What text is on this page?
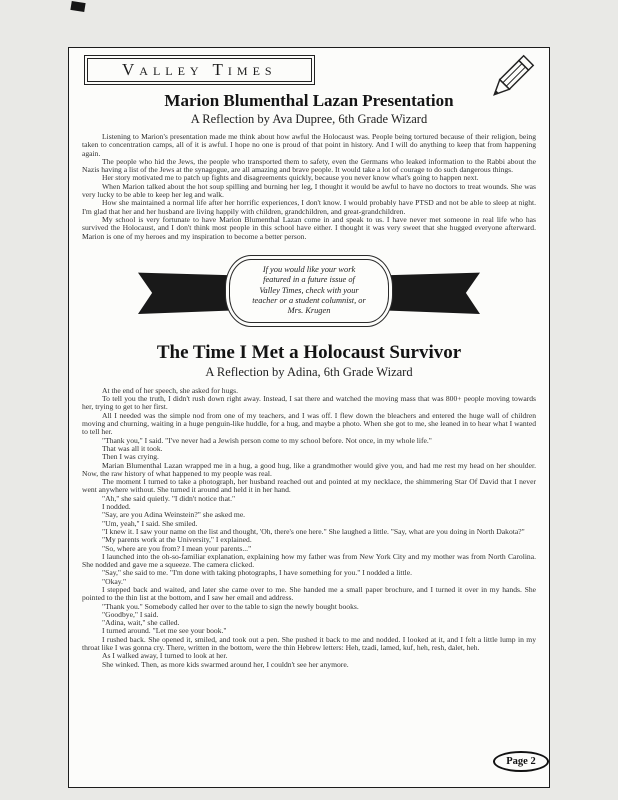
Valley Times
Marion Blumenthal Lazan Presentation
A Reflection by Ava Dupree, 6th Grade Wizard

Listening to Marion's presentation made me think about how awful the Holocaust was. People being tortured because of their religion, being taken to concentration camps, all of it is awful. I hope no one is proud of that point in history. And I will do anything to keep that from happening again.

The people who hid the Jews, the people who transported them to safety, even the Germans who leaked information to the Rabbi about the Nazis having a list of the Jews at the synagogue, are all amazing and brave people. It would take a lot of courage to do such dangerous things.

Her story motivated me to patch up fights and disagreements quickly, because you never know what's going to happen next.

When Marion talked about the hot soup spilling and burning her leg, I thought it would be awful to have no doctors to treat wounds. She was very lucky to be able to keep her leg and walk.

How she maintained a normal life after her horrific experiences, I don't know. I would probably have PTSD and not be able to sleep at night. I'm glad that her and her husband are living happily with children, grandchildren, and great-grandchildren.

My school is very fortunate to have Marion Blumenthal Lazan come in and speak to us. I have never met someone in real life who has survived the Holocaust, and I don't think most people in this school have either. I thought it was very sweet that she hugged everyone afterward. Marion is one of my heroes and my inspiration to become a better person.

If you would like your work
featured in a future issue of
Valley Times, check with your
teacher or a student columnist, or
Mrs. Krugen
The Time I Met a Holocaust Survivor
A Reflection by Adina, 6th Grade Wizard

At the end of her speech, she asked for hugs.

To tell you the truth, I didn't rush down right away. Instead, I sat there and watched the moving mass that was 800+ people moving towards her, trying to get to her first.

All I needed was the simple nod from one of my teachers, and I was off. I flew down the bleachers and entered the huge wall of children moving and churning, waiting in a huge penguin-like huddle, for a hug, and maybe a photo. When she got to me, she leaned in to hear what I wanted to tell her.

"Thank you," I said. "I've never had a Jewish person come to my school before. Not once, in my whole life."

That was all it took.

Then I was crying.

Marian Blumenthal Lazan wrapped me in a hug, a good hug, like a grandmother would give you, and had me rest my head on her shoulder. Now, the raw history of what happened to my people was real.

The moment I turned to take a photograph, her husband reached out and pointed at my necklace, the shimmering Star Of David that I never went anywhere without. She turned it around and held it in her hand.

"Ah," she said quietly. "I didn't notice that."

I nodded.

"Say, are you Adina Weinstein?" she asked me.

"Um, yeah," I said. She smiled.

"I knew it. I saw your name on the list and thought, 'Oh, there's one here." She laughed a little. "Say, what are you doing in North Dakota?"

"My parents work at the University," I explained.

"So, where are you from? I mean your parents..."

I launched into the oh-so-familiar explanation, explaining how my father was from New York City and my mother was from North Carolina. She nodded and gave me a squeeze. The camera clicked.

"Say," she said to me. "I'm done with taking photographs, I have something for you." I nodded a little.

"Okay."

I stepped back and waited, and later she came over to me. She handed me a small paper brochure, and I turned it over in my hands. She pointed to the thin list at the bottom, and I saw her email and address.

"Thank you." Somebody called her over to the table to sign the newly bought books.

"Goodbye," I said.

"Adina, wait," she called.

I turned around. "Let me see your book."

I rushed back. She opened it, smiled, and took out a pen. She pushed it back to me and nodded. I looked at it, and I felt a little lump in my throat like I was gonna cry. There, written in the bottom, were the thin Hebrew letters: Heh, tzadi, lamed, kuf, heh, resh, dalet, heh.

As I walked away, I turned to look at her.

She winked. Then, as more kids swarmed around her, I couldn't see her anymore.

Page 2
